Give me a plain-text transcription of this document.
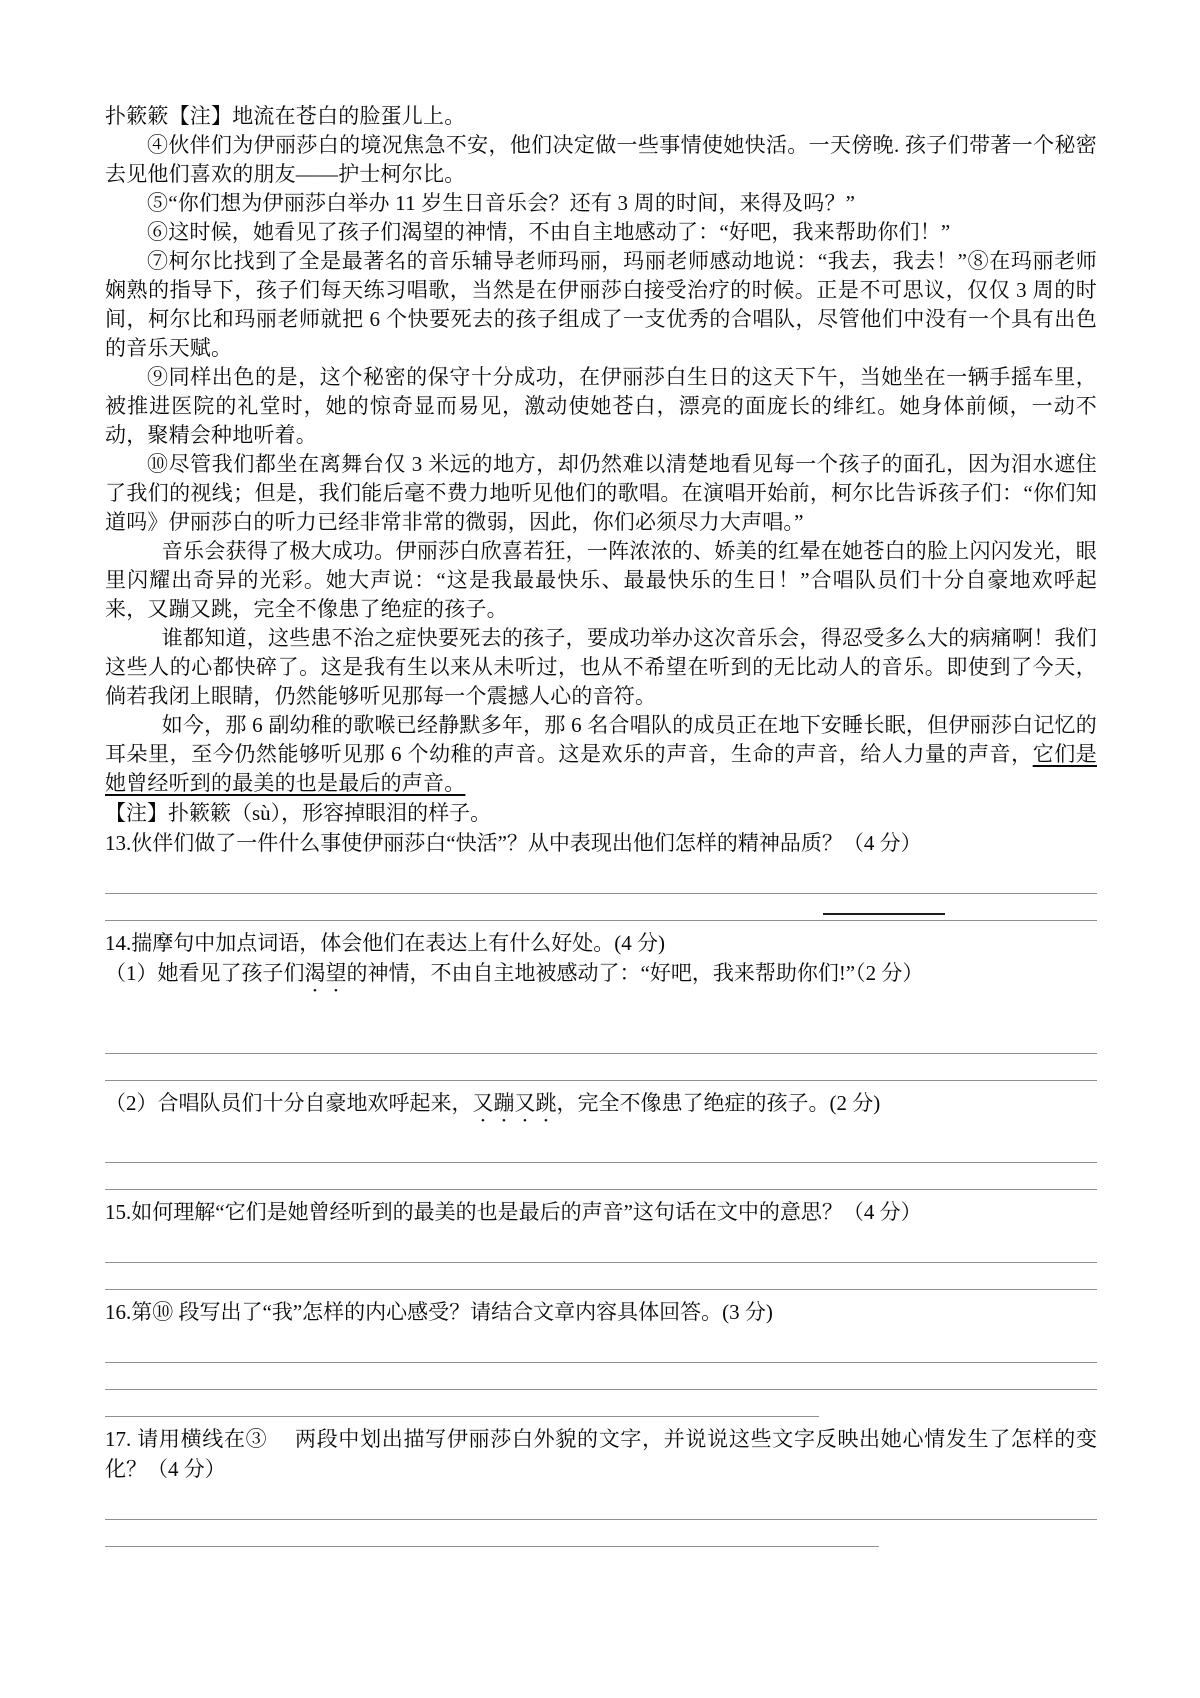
扑簌簌【注】地流在苍白的脸蛋儿上。

④伙伴们为伊丽莎白的境况焦急不安，他们决定做一些事情使她快活。一天傍晚. 孩子们带著一个秘密去见他们喜欢的朋友——护士柯尔比。

⑤“你们想为伊丽莎白举办 11 岁生日音乐会？还有 3 周的时间，来得及吗？”

⑥这时候，她看见了孩子们渴望的神情，不由自主地感动了：“好吧，我来帮助你们！”

⑦柯尔比找到了全是最著名的音乐辅导老师玛丽，玛丽老师感动地说：“我去，我去！”⑧在玛丽老师娴熟的指导下，孩子们每天练习唱歌，当然是在伊丽莎白接受治疗的时候。正是不可思议，仅仅 3 周的时间，柯尔比和玛丽老师就把 6 个快要死去的孩子组成了一支优秀的合唱队，尽管他们中没有一个具有出色的音乐天赋。

⑨同样出色的是，这个秘密的保守十分成功，在伊丽莎白生日的这天下午，当她坐在一辆手摇车里，被推进医院的礼堂时，她的惊奇显而易见，激动使她苍白，漂亮的面庞长的绯红。她身体前倾，一动不动，聚精会种地听着。

⑩尽管我们都坐在离舞台仅 3 米远的地方，却仍然难以清楚地看见每一个孩子的面孔，因为泪水遮住了我们的视线；但是，我们能后毫不费力地听见他们的歌唱。在演唱开始前，柯尔比告诉孩子们：“你们知道吗》伊丽莎白的听力已经非常非常的微弱，因此，你们必须尽力大声唱。”

音乐会获得了极大成功。伊丽莎白欣喜若狂，一阵浓浓的、娇美的红晕在她苍白的脸上闪闪发光，眼里闪耀出奇异的光彩。她大声说：“这是我最最快乐、最最快乐的生日！”合唱队员们十分自豪地欢呼起来，又蹦又跳，完全不像患了绝症的孩子。

谁都知道，这些患不治之症快要死去的孩子，要成功举办这次音乐会，得忍受多么大的病痛啊！我们这些人的心都快碎了。这是我有生以来从未听过，也从不希望在听到的无比动人的音乐。即使到了今天，倘若我闭上眼睛，仍然能够听见那每一个震撼人心的音符。

如今，那 6 副幼稚的歌喉已经静默多年，那 6 名合唱队的成员正在地下安睡长眠，但伊丽莎白记忆的耳朵里，至今仍然能够听见那 6 个幼稚的声音。这是欢乐的声音，生命的声音，给人力量的声音，它们是她曾经听到的最美的也是最后的声音。

【注】扑簌簌（sù），形容掉眼泪的样子。

13.伙伴们做了一件什么事使伊丽莎白“快活”？从中表现出他们怎样的精神品质？（4 分）

14.揣摩句中加点词语，体会他们在表达上有什么好处。(4 分)

（1）她看见了孩子们渴望的神情，不由自主地被感动了：“好吧，我来帮助你们!”（2 分）

（2）合唱队员们十分自豪地欢呼起来，又蹦又跳，完全不像患了绝症的孩子。(2 分)

15.如何理解“它们是她曾经听到的最美的也是最后的声音”这句话在文中的意思？（4 分）

16.第⑩ 段写出了“我”怎样的内心感受？请结合文章内容具体回答。(3 分)

17. 请用横线在③　 两段中划出描写伊丽莎白外貌的文字，并说说这些文字反映出她心情发生了怎样的变化？（4 分）
